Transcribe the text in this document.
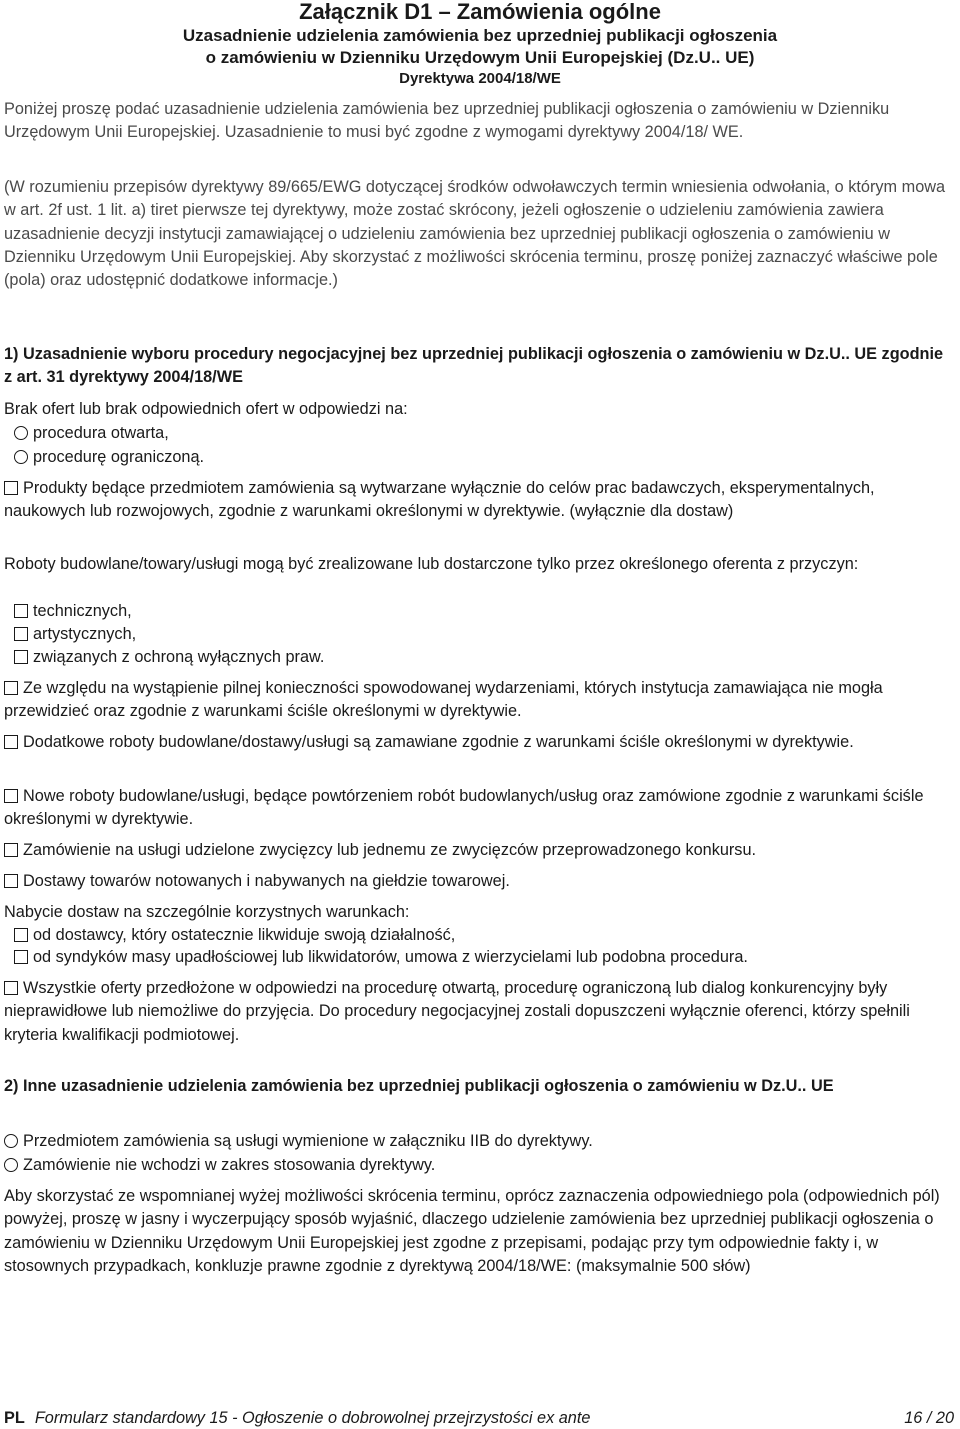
Załącznik D1 – Zamówienia ogólne
Uzasadnienie udzielenia zamówienia bez uprzedniej publikacji ogłoszenia
o zamówieniu w Dzienniku Urzędowym Unii Europejskiej (Dz.U.. UE)
Dyrektywa 2004/18/WE
Poniżej proszę podać uzasadnienie udzielenia zamówienia bez uprzedniej publikacji ogłoszenia o zamówieniu w Dzienniku Urzędowym Unii Europejskiej. Uzasadnienie to musi być zgodne z wymogami dyrektywy 2004/18/ WE.
(W rozumieniu przepisów dyrektywy 89/665/EWG dotyczącej środków odwoławczych termin wniesienia odwołania, o którym mowa w art. 2f ust. 1 lit. a) tiret pierwsze tej dyrektywy, może zostać skrócony, jeżeli ogłoszenie o udzieleniu zamówienia zawiera uzasadnienie decyzji instytucji zamawiającej o udzieleniu zamówienia bez uprzedniej publikacji ogłoszenia o zamówieniu w Dzienniku Urzędowym Unii Europejskiej. Aby skorzystać z możliwości skrócenia terminu, proszę poniżej zaznaczyć właściwe pole (pola) oraz udostępnić dodatkowe informacje.)
1) Uzasadnienie wyboru procedury negocjacyjnej bez uprzedniej publikacji ogłoszenia o zamówieniu w Dz.U.. UE zgodnie z art. 31 dyrektywy 2004/18/WE
Brak ofert lub brak odpowiednich ofert w odpowiedzi na:
procedura otwarta,
procedurę ograniczoną.
Produkty będące przedmiotem zamówienia są wytwarzane wyłącznie do celów prac badawczych, eksperymentalnych, naukowych lub rozwojowych, zgodnie z warunkami określonymi w dyrektywie. (wyłącznie dla dostaw)
Roboty budowlane/towary/usługi mogą być zrealizowane lub dostarczone tylko przez określonego oferenta z przyczyn:
technicznych,
artystycznych,
związanych z ochroną wyłącznych praw.
Ze względu na wystąpienie pilnej konieczności spowodowanej wydarzeniami, których instytucja zamawiająca nie mogła przewidzieć oraz zgodnie z warunkami ściśle określonymi w dyrektywie.
Dodatkowe roboty budowlane/dostawy/usługi są zamawiane zgodnie z warunkami ściśle określonymi w dyrektywie.
Nowe roboty budowlane/usługi, będące powtórzeniem robót budowlanych/usług oraz zamówione zgodnie z warunkami ściśle określonymi w dyrektywie.
Zamówienie na usługi udzielone zwycięzcy lub jednemu ze zwycięzców przeprowadzonego konkursu.
Dostawy towarów notowanych i nabywanych na giełdzie towarowej.
Nabycie dostaw na szczególnie korzystnych warunkach:
od dostawcy, który ostatecznie likwiduje swoją działalność,
od syndyków masy upadłościowej lub likwidatorów, umowa z wierzycielami lub podobna procedura.
Wszystkie oferty przedłożone w odpowiedzi na procedurę otwartą, procedurę ograniczoną lub dialog konkurencyjny były nieprawidłowe lub niemożliwe do przyjęcia. Do procedury negocjacyjnej zostali dopuszczeni wyłącznie oferenci, którzy spełnili kryteria kwalifikacji podmiotowej.
2) Inne uzasadnienie udzielenia zamówienia bez uprzedniej publikacji ogłoszenia o zamówieniu w Dz.U.. UE
Przedmiotem zamówienia są usługi wymienione w załączniku IIB do dyrektywy.
Zamówienie nie wchodzi w zakres stosowania dyrektywy.
Aby skorzystać ze wspomnianej wyżej możliwości skrócenia terminu, oprócz zaznaczenia odpowiedniego pola (odpowiednich pól) powyżej, proszę w jasny i wyczerpujący sposób wyjaśnić, dlaczego udzielenie zamówienia bez uprzedniej publikacji ogłoszenia o zamówieniu w Dzienniku Urzędowym Unii Europejskiej jest zgodne z przepisami, podając przy tym odpowiednie fakty i, w stosownych przypadkach, konkluzje prawne zgodnie z dyrektywą 2004/18/WE: (maksymalnie 500 słów)
PL Formularz standardowy 15 - Ogłoszenie o dobrowolnej przejrzystości ex ante	16 / 20
